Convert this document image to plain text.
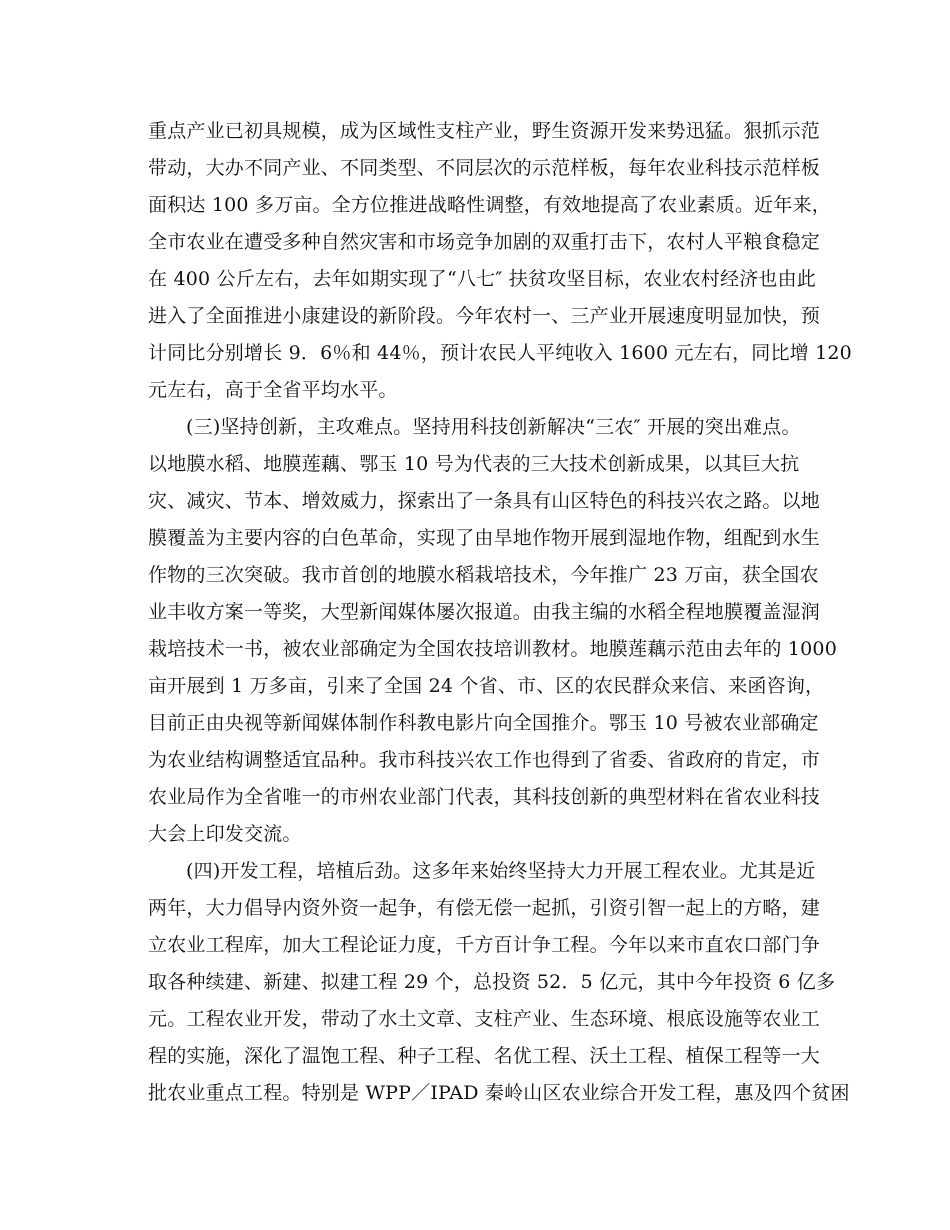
重点产业已初具规模，成为区域性支柱产业，野生资源开发来势迅猛。狠抓示范
带动，大办不同产业、不同类型、不同层次的示范样板，每年农业科技示范样板
面积达 100 多万亩。全方位推进战略性调整，有效地提高了农业素质。近年来，
全市农业在遭受多种自然灾害和市场竞争加剧的双重打击下，农村人平粮食稳定
在 400 公斤左右，去年如期实现了“八七″ 扶贫攻坚目标，农业农村经济也由此
进入了全面推进小康建设的新阶段。今年农村一、三产业开展速度明显加快，预
计同比分别增长 9．6％和 44％，预计农民人平纯收入 1600 元左右，同比增 120
元左右，高于全省平均水平。
(三)坚持创新，主攻难点。坚持用科技创新解决“三农″ 开展的突出难点。
以地膜水稻、地膜莲藕、鄂玉 10 号为代表的三大技术创新成果，以其巨大抗
灾、减灾、节本、增效威力，探索出了一条具有山区特色的科技兴农之路。以地
膜覆盖为主要内容的白色革命，实现了由旱地作物开展到湿地作物，组配到水生
作物的三次突破。我市首创的地膜水稻栽培技术，今年推广 23 万亩，获全国农
业丰收方案一等奖，大型新闻媒体屡次报道。由我主编的水稻全程地膜覆盖湿润
栽培技术一书，被农业部确定为全国农技培训教材。地膜莲藕示范由去年的 1000
亩开展到 1 万多亩，引来了全国 24 个省、市、区的农民群众来信、来函咨询，
目前正由央视等新闻媒体制作科教电影片向全国推介。鄂玉 10 号被农业部确定
为农业结构调整适宜品种。我市科技兴农工作也得到了省委、省政府的肯定，市
农业局作为全省唯一的市州农业部门代表，其科技创新的典型材料在省农业科技
大会上印发交流。
(四)开发工程，培植后劲。这多年来始终坚持大力开展工程农业。尤其是近
两年，大力倡导内资外资一起争，有偿无偿一起抓，引资引智一起上的方略，建
立农业工程库，加大工程论证力度，千方百计争工程。今年以来市直农口部门争
取各种续建、新建、拟建工程 29 个，总投资 52．5 亿元，其中今年投资 6 亿多
元。工程农业开发，带动了水土文章、支柱产业、生态环境、根底设施等农业工
程的实施，深化了温饱工程、种子工程、名优工程、沃土工程、植保工程等一大
批农业重点工程。特别是 WPP／IPAD 秦岭山区农业综合开发工程，惠及四个贫困
